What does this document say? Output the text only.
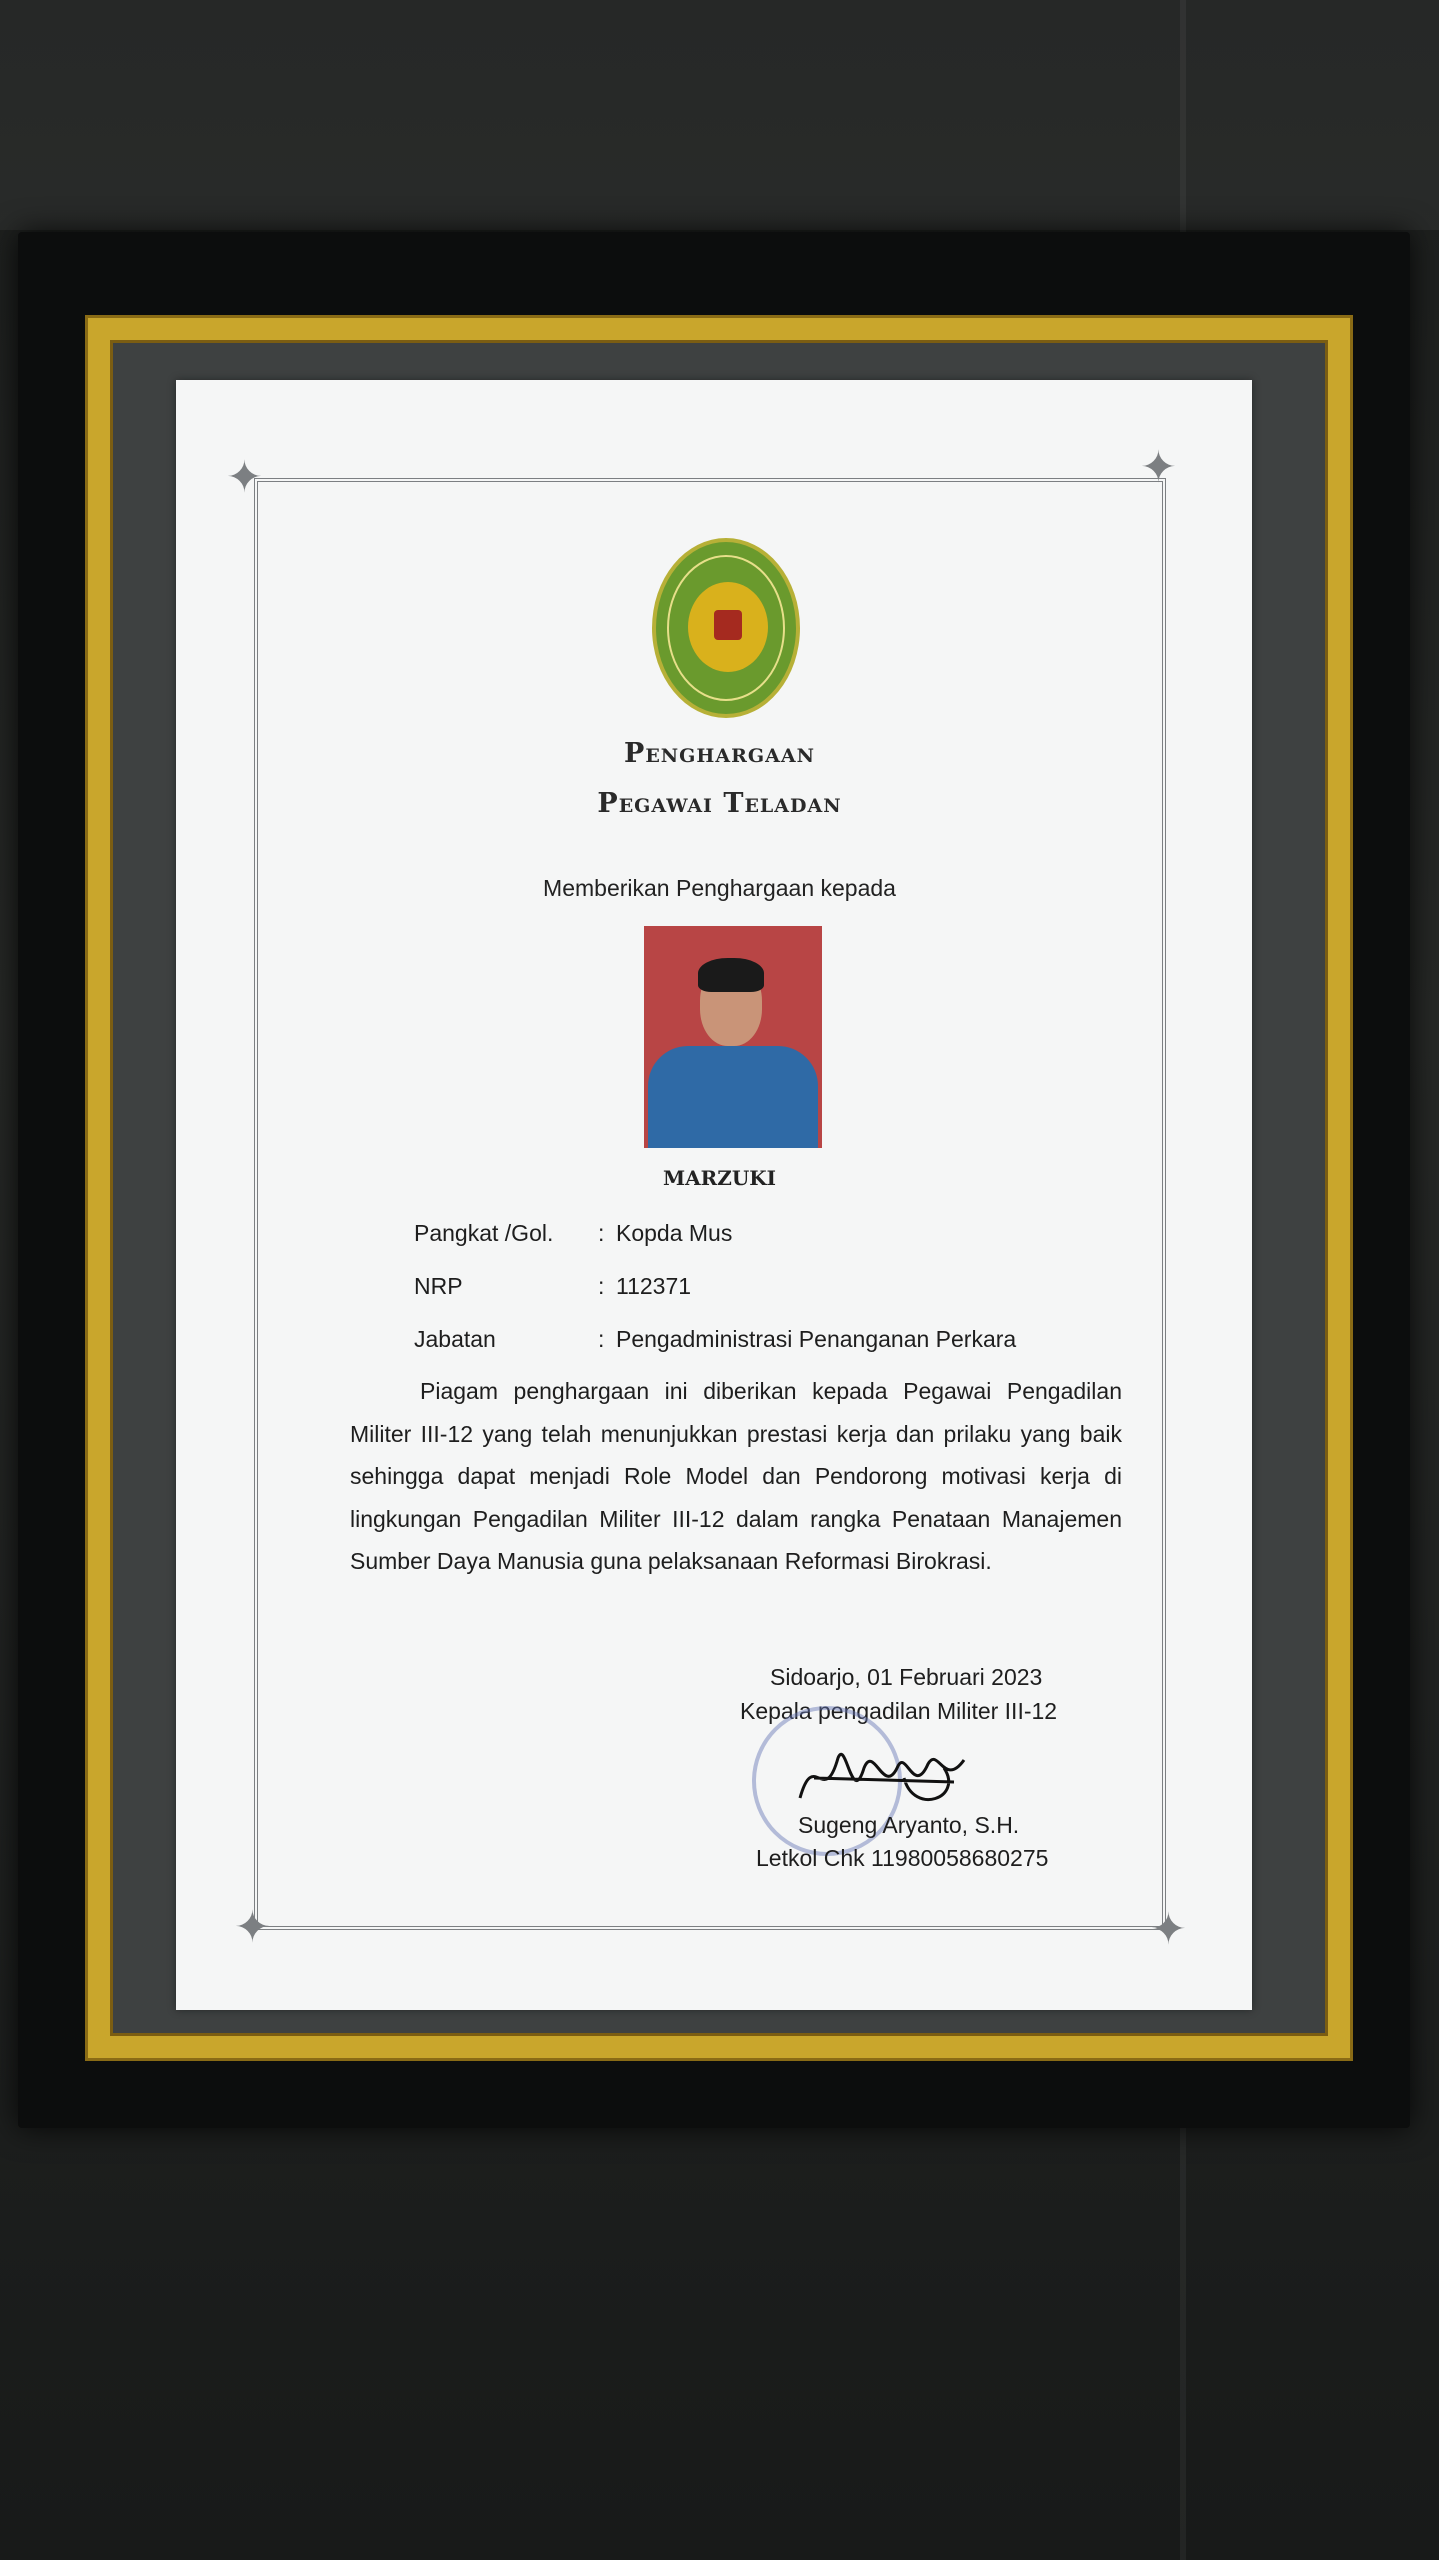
✦	✦
✦	✦
Penghargaan
Pegawai Teladan
Memberikan Penghargaan kepada
MARZUKI
Pangkat /Gol. : Kopda Mus
NRP	: 112371
Jabatan	: Pengadministrasi Penanganan Perkara
Piagam penghargaan ini diberikan kepada Pegawai Pengadilan Militer III-12 yang telah menunjukkan prestasi kerja dan prilaku yang baik sehingga dapat menjadi Role Model dan Pendorong motivasi kerja di lingkungan Pengadilan Militer III-12 dalam rangka Penataan Manajemen Sumber Daya Manusia guna pelaksanaan Reformasi Birokrasi.
Sidoarjo, 01 Februari 2023
Kepala pengadilan Militer III-12
Sugeng Aryanto, S.H.
Letkol Chk 11980058680275
